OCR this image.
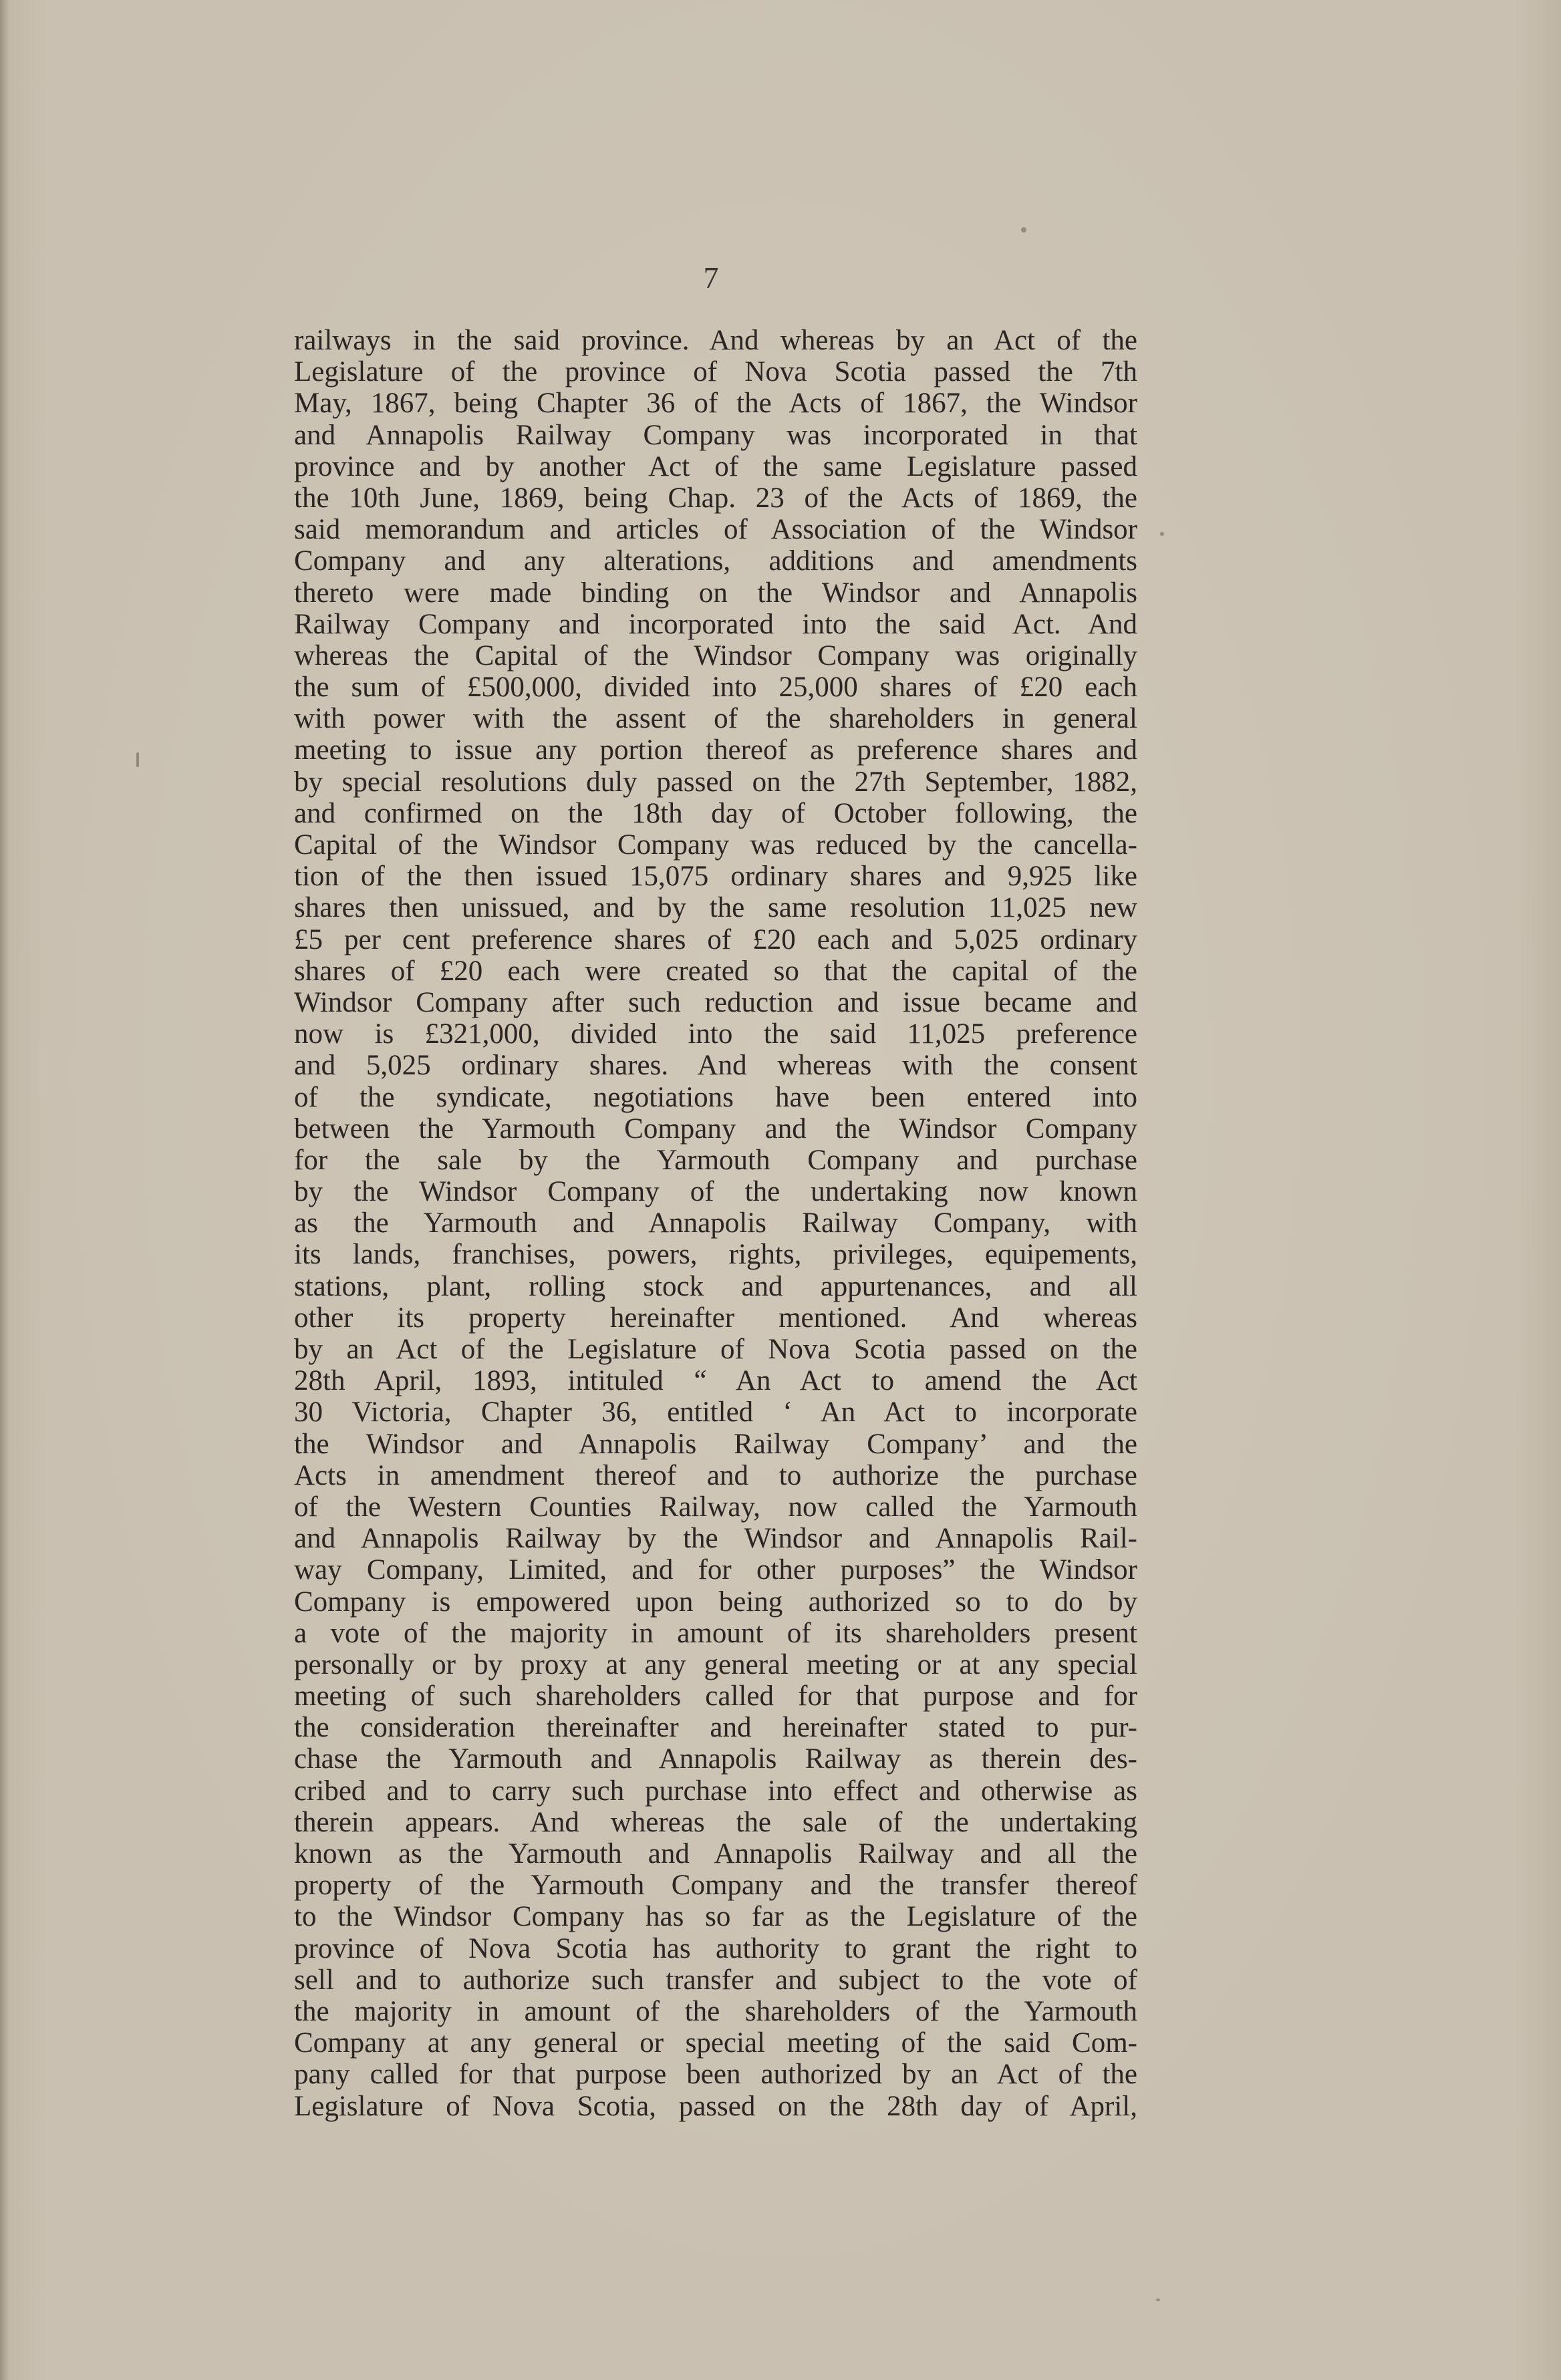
7
railways in the said province. And whereas by an Act of the
Legislature of the province of Nova Scotia passed the 7th
May, 1867, being Chapter 36 of the Acts of 1867, the Windsor
and Annapolis Railway Company was incorporated in that
province and by another Act of the same Legislature passed
the 10th June, 1869, being Chap. 23 of the Acts of 1869, the
said memorandum and articles of Association of the Windsor
Company and any alterations, additions and amendments
thereto were made binding on the Windsor and Annapolis
Railway Company and incorporated into the said Act. And
whereas the Capital of the Windsor Company was originally
the sum of £500,000, divided into 25,000 shares of £20 each
with power with the assent of the shareholders in general
meeting to issue any portion thereof as preference shares and
by special resolutions duly passed on the 27th September, 1882,
and confirmed on the 18th day of October following, the
Capital of the Windsor Company was reduced by the cancella-
tion of the then issued 15,075 ordinary shares and 9,925 like
shares then unissued, and by the same resolution 11,025 new
£5 per cent preference shares of £20 each and 5,025 ordinary
shares of £20 each were created so that the capital of the
Windsor Company after such reduction and issue became and
now is £321,000, divided into the said 11,025 preference
and 5,025 ordinary shares. And whereas with the consent
of the syndicate, negotiations have been entered into
between the Yarmouth Company and the Windsor Company
for the sale by the Yarmouth Company and purchase
by the Windsor Company of the undertaking now known
as the Yarmouth and Annapolis Railway Company, with
its lands, franchises, powers, rights, privileges, equipements,
stations, plant, rolling stock and appurtenances, and all
other its property hereinafter mentioned. And whereas
by an Act of the Legislature of Nova Scotia passed on the
28th April, 1893, intituled “ An Act to amend the Act
30 Victoria, Chapter 36, entitled ‘ An Act to incorporate
the Windsor and Annapolis Railway Company’ and the
Acts in amendment thereof and to authorize the purchase
of the Western Counties Railway, now called the Yarmouth
and Annapolis Railway by the Windsor and Annapolis Rail-
way Company, Limited, and for other purposes” the Windsor
Company is empowered upon being authorized so to do by
a vote of the majority in amount of its shareholders present
personally or by proxy at any general meeting or at any special
meeting of such shareholders called for that purpose and for
the consideration thereinafter and hereinafter stated to pur-
chase the Yarmouth and Annapolis Railway as therein des-
cribed and to carry such purchase into effect and otherwise as
therein appears. And whereas the sale of the undertaking
known as the Yarmouth and Annapolis Railway and all the
property of the Yarmouth Company and the transfer thereof
to the Windsor Company has so far as the Legislature of the
province of Nova Scotia has authority to grant the right to
sell and to authorize such transfer and subject to the vote of
the majority in amount of the shareholders of the Yarmouth
Company at any general or special meeting of the said Com-
pany called for that purpose been authorized by an Act of the
Legislature of Nova Scotia, passed on the 28th day of April,
